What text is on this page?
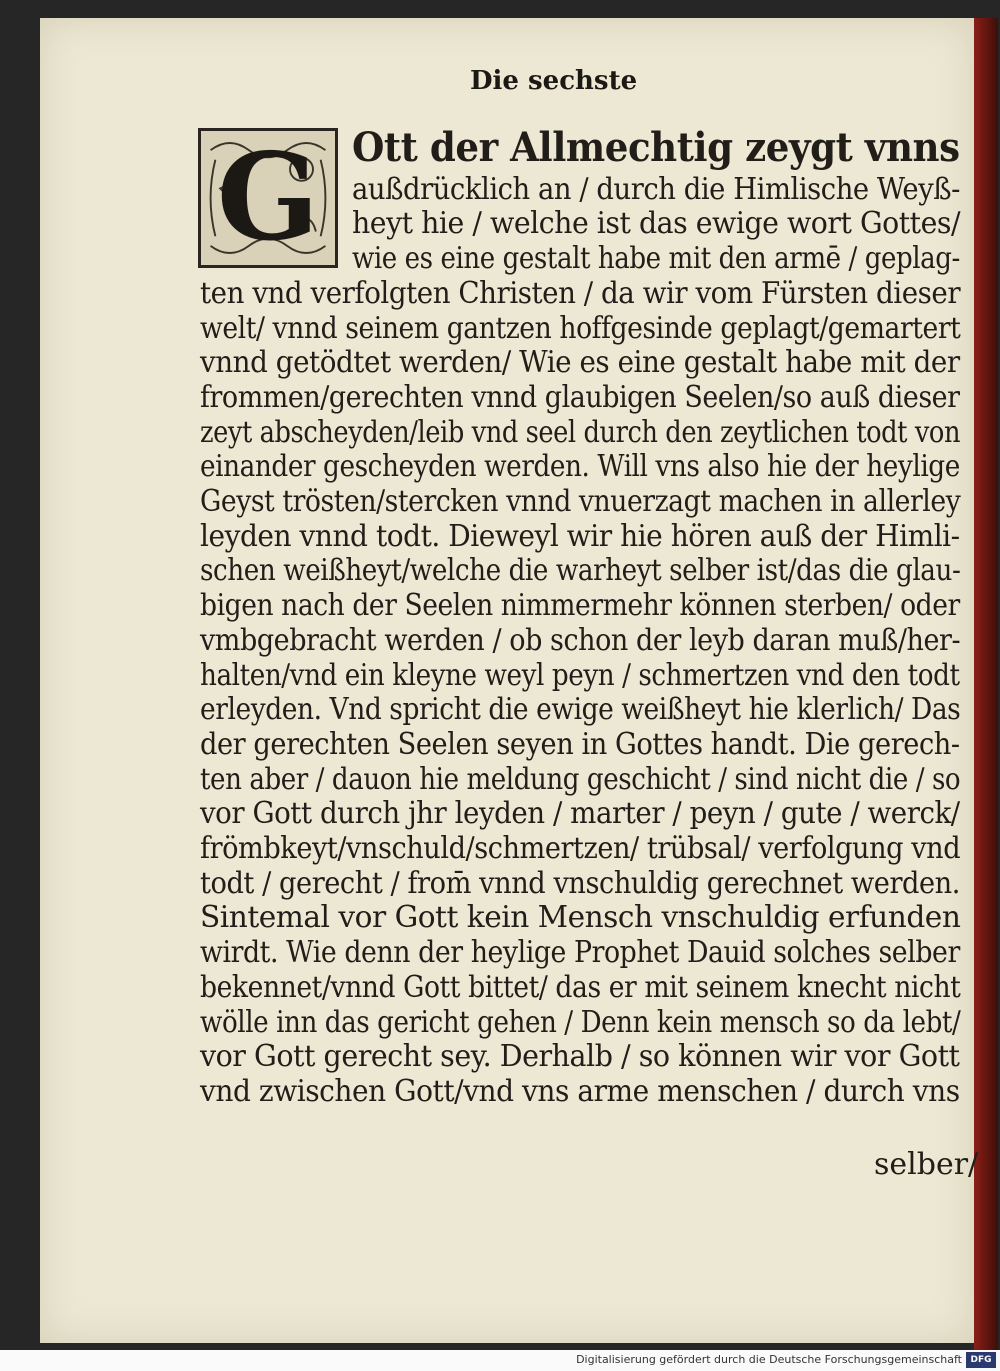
Die sechste
G Ott der Allmechtig zeygt vnns
außdrücklich an / durch die Himlische Weyß-
heyt hie / welche ist das ewige wort Gottes/
wie es eine gestalt habe mit den armē / geplag-
ten vnd verfolgten Christen / da wir vom Fürsten dieser
welt/ vnnd seinem gantzen hoffgesinde geplagt/gemartert
vnnd getödtet werden/ Wie es eine gestalt habe mit der
frommen/gerechten vnnd glaubigen Seelen/so auß dieser
zeyt abscheyden/leib vnd seel durch den zeytlichen todt von
einander gescheyden werden. Will vns also hie der heylige
Geyst trösten/stercken vnnd vnuerzagt machen in allerley
leyden vnnd todt. Dieweyl wir hie hören auß der Himli-
schen weißheyt/welche die warheyt selber ist/das die glau-
bigen nach der Seelen nimmermehr können sterben/ oder
vmbgebracht werden / ob schon der leyb daran muß/her-
halten/vnd ein kleyne weyl peyn / schmertzen vnd den todt
erleyden. Vnd spricht die ewige weißheyt hie klerlich/ Das
der gerechten Seelen seyen in Gottes handt. Die gerech-
ten aber / dauon hie meldung geschicht / sind nicht die / so
vor Gott durch jhr leyden / marter / peyn / gute / werck/
frömbkeyt/vnschuld/schmertzen/ trübsal/ verfolgung vnd
todt / gerecht / from̄ vnnd vnschuldig gerechnet werden.
Sintemal vor Gott kein Mensch vnschuldig erfunden
wirdt. Wie denn der heylige Prophet Dauid solches selber
bekennet/vnnd Gott bittet/ das er mit seinem knecht nicht
wölle inn das gericht gehen / Denn kein mensch so da lebt/
vor Gott gerecht sey. Derhalb / so können wir vor Gott
vnd zwischen Gott/vnd vns arme menschen / durch vns
selber/
Digitalisierung gefördert durch die Deutsche Forschungsgemeinschaft DFG
